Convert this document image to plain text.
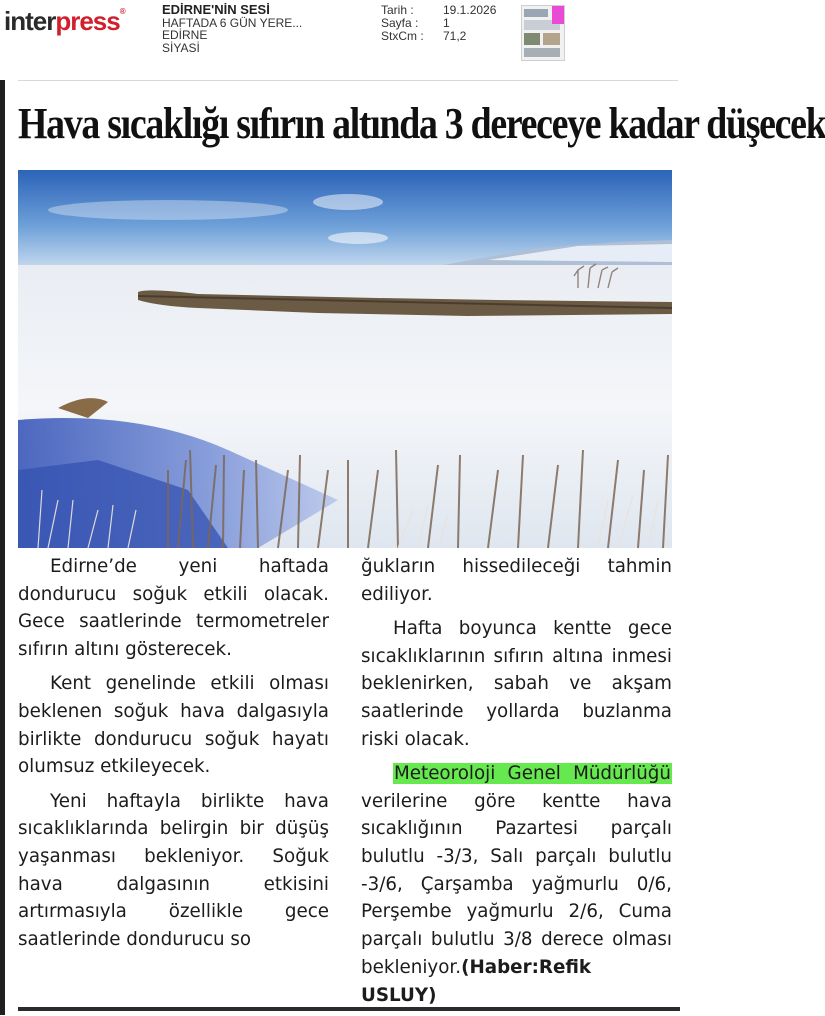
interpress®	EDİRNE'NİN SESİ
HAFTADA 6 GÜN YERE...
EDİRNE
SİYASİ
Tarih :	19.1.2026
Sayfa :	1
StxCm :	71,2
Hava sıcaklığı sıfırın altında 3 dereceye kadar düşecek

Edirne’de yeni haftada dondurucu soğuk etkili olacak. Gece saatlerinde termometreler sıfırın altını gösterecek.

Kent genelinde etkili olması beklenen soğuk hava dalgasıyla birlikte dondurucu soğuk hayatı olumsuz etkileyecek.

Yeni haftayla birlikte hava sıcaklıklarında belirgin bir düşüş yaşanması bekleniyor. Soğuk hava dalgasının etkisini artırmasıyla özellikle gece saatlerinde dondurucu so

ğukların hissedileceği tahmin ediliyor.

Hafta boyunca kentte gece sıcaklıklarının sıfırın altına inmesi beklenirken, sabah ve akşam saatlerinde yollarda buzlanma riski olacak.

Meteoroloji Genel Müdürlüğü verilerine göre kentte hava sıcaklığının Pazartesi parçalı bulutlu -3/3, Salı parçalı bulutlu -3/6, Çarşamba yağmurlu 0/6, Perşembe yağmurlu 2/6, Cuma parçalı bulutlu 3/8 derece olması bekleniyor.(Haber:Refik USLUY)
